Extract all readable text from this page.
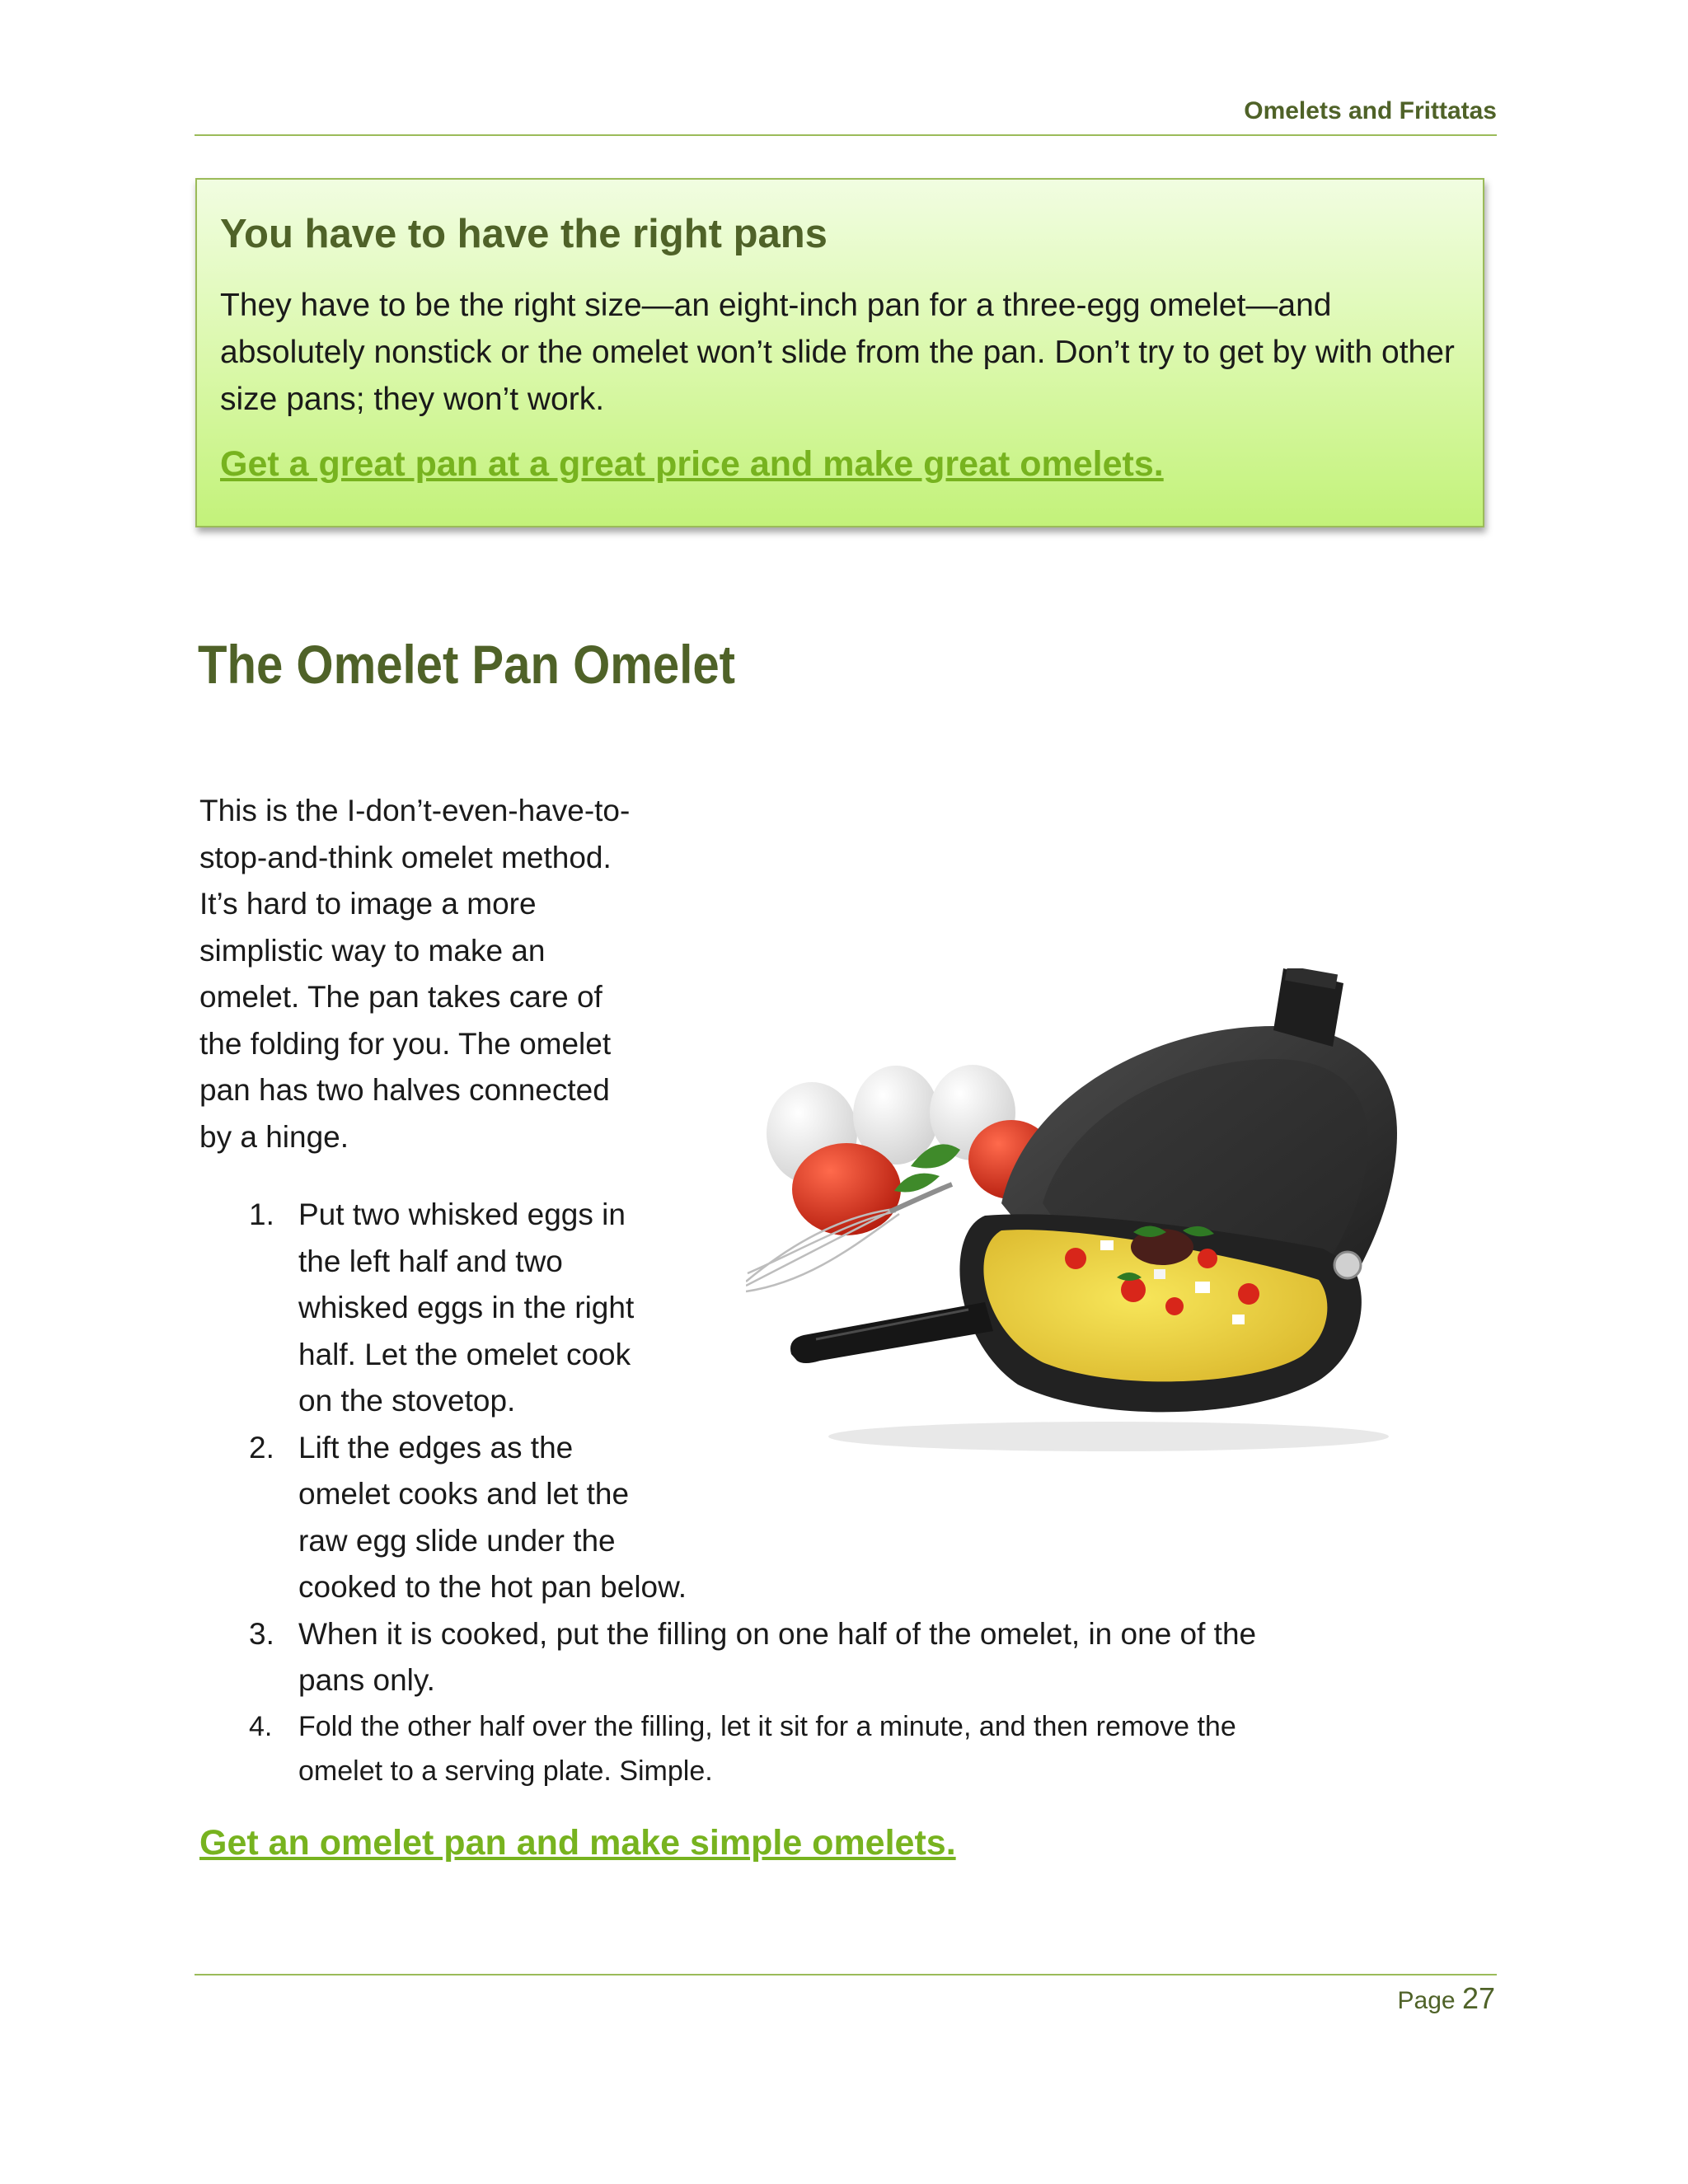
Omelets and Frittatas
You have to have the right pans

They have to be the right size—an eight-inch pan for a three-egg omelet—and absolutely nonstick or the omelet won’t slide from the pan. Don’t try to get by with other size pans; they won’t work.

Get a great pan at a great price and make great omelets.
The Omelet Pan Omelet

This is the I-don’t-even-have-to-
stop-and-think omelet method.
It’s hard to image a more
simplistic way to make an
omelet. The pan takes care of
the folding for you. The omelet
pan has two halves connected
by a hinge.

1. Put two whisked eggs in
the left half and two
whisked eggs in the right
half. Let the omelet cook
on the stovetop.
2. Lift the edges as the
omelet cooks and let the
raw egg slide under the
cooked to the hot pan below.
3. When it is cooked, put the filling on one half of the omelet, in one of the
pans only.
4. Fold the other half over the filling, let it sit for a minute, and then remove the
omelet to a serving plate. Simple.
Get an omelet pan and make simple omelets.
Page 27
